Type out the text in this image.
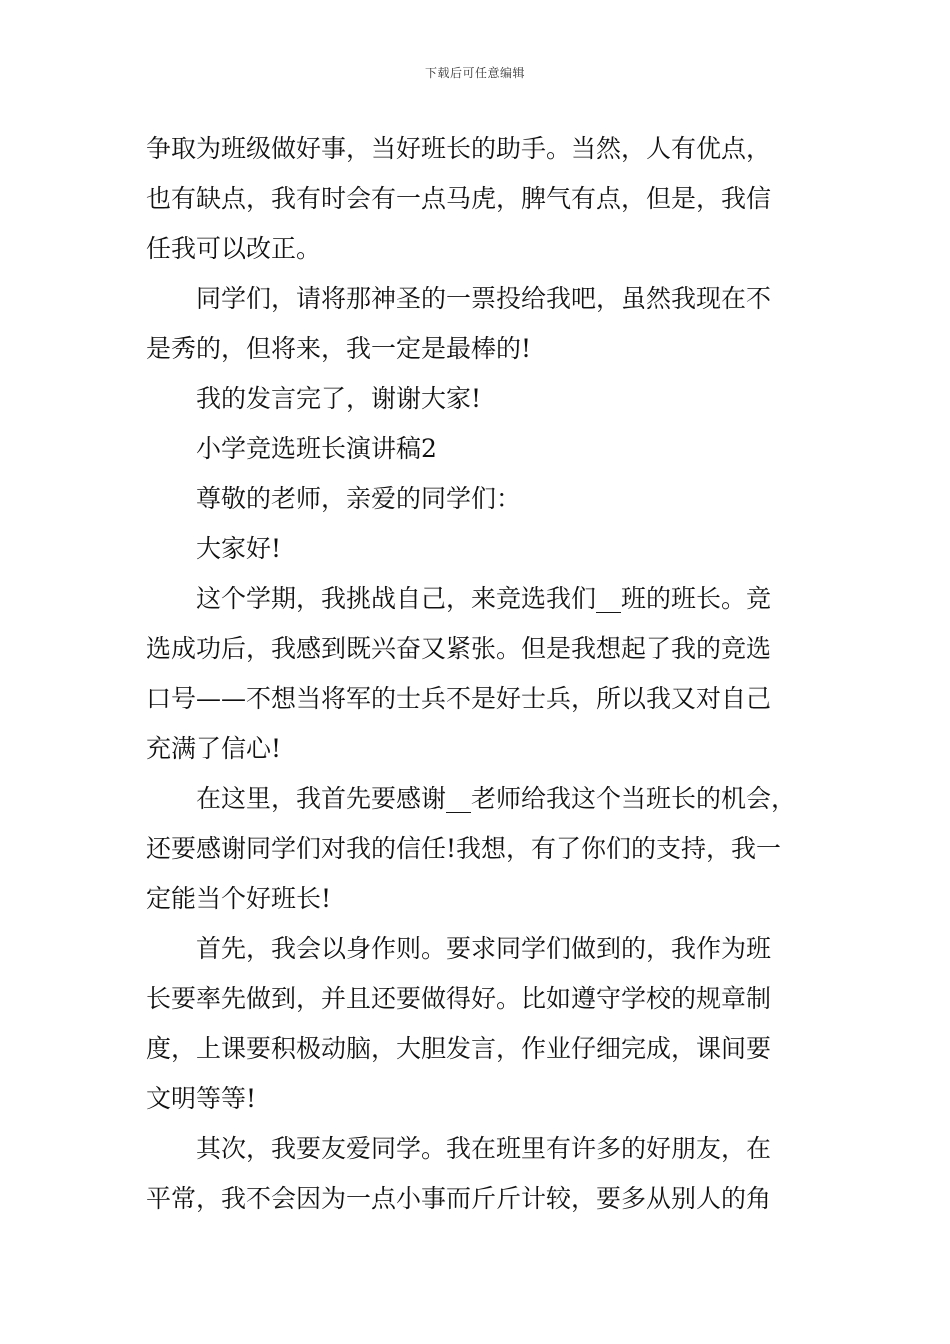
下载后可任意编辑
争取为班级做好事，当好班长的助手。当然，人有优点，
也有缺点，我有时会有一点马虎，脾气有点，但是，我信
任我可以改正。
同学们，请将那神圣的一票投给我吧，虽然我现在不
是秀的，但将来，我一定是最棒的!
我的发言完了，谢谢大家!
小学竞选班长演讲稿2
尊敬的老师，亲爱的同学们：
大家好!
这个学期，我挑战自己，来竞选我们__班的班长。竞
选成功后，我感到既兴奋又紧张。但是我想起了我的竞选
口号——不想当将军的士兵不是好士兵，所以我又对自己
充满了信心!
在这里，我首先要感谢__老师给我这个当班长的机会，
还要感谢同学们对我的信任!我想，有了你们的支持，我一
定能当个好班长!
首先，我会以身作则。要求同学们做到的，我作为班
长要率先做到，并且还要做得好。比如遵守学校的规章制
度，上课要积极动脑，大胆发言，作业仔细完成，课间要
文明等等!
其次，我要友爱同学。我在班里有许多的好朋友，在
平常，我不会因为一点小事而斤斤计较，要多从别人的角
